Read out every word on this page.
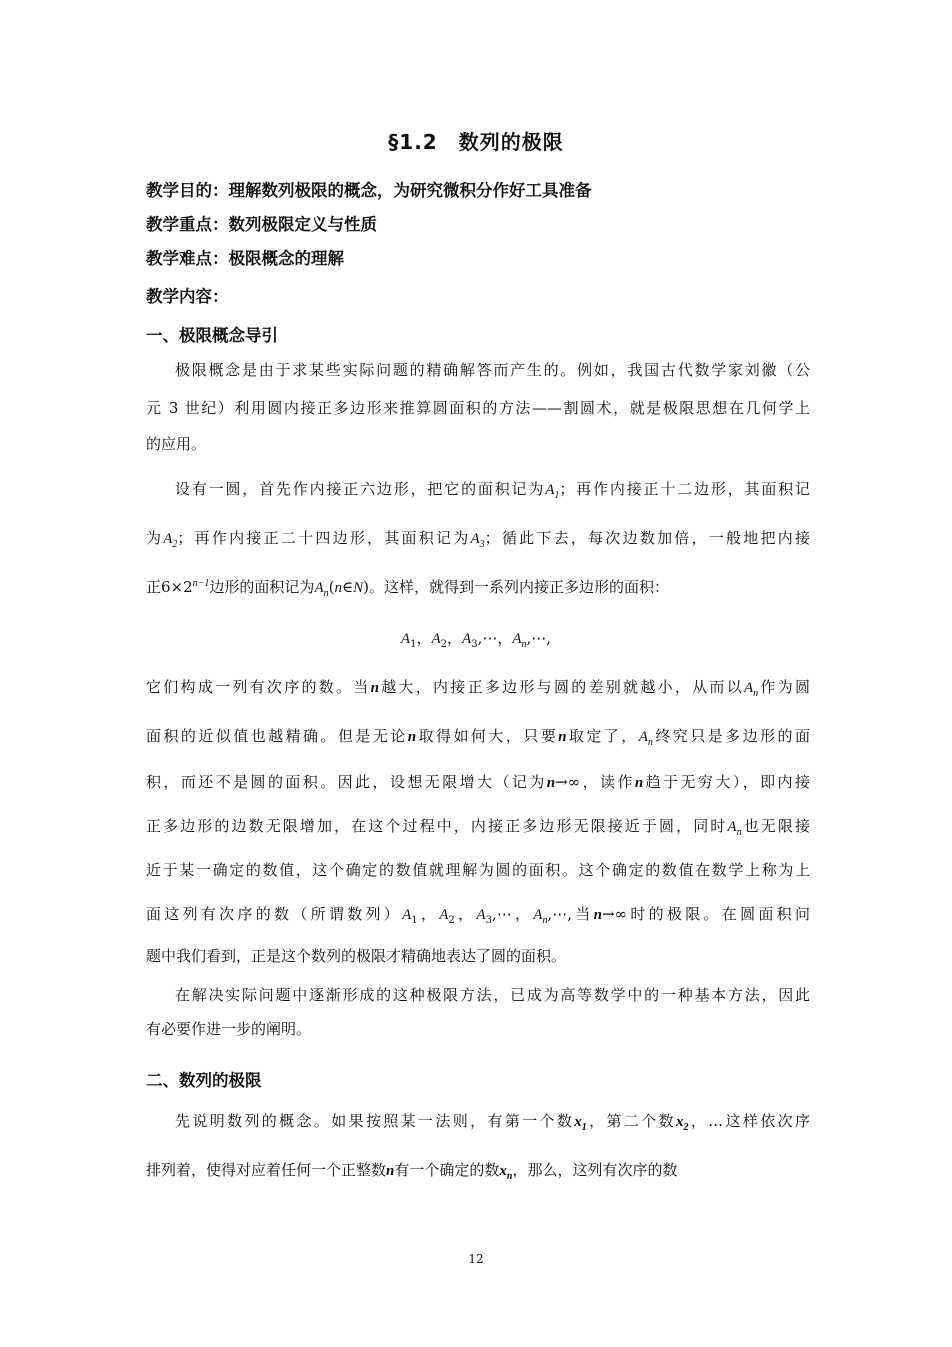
§1.2　数列的极限
教学目的：理解数列极限的概念，为研究微积分作好工具准备
教学重点：数列极限定义与性质
教学难点：极限概念的理解
教学内容：
一、极限概念导引
极限概念是由于求某些实际问题的精确解答而产生的。例如，我国古代数学家刘徽（公
元 3 世纪）利用圆内接正多边形来推算圆面积的方法——割圆术，就是极限思想在几何学上
的应用。
设有一圆，首先作内接正六边形，把它的面积记为$A_1$；再作内接正十二边形，其面积记
为$A_2$；再作内接正二十四边形，其面积记为$A_3$；循此下去，每次边数加倍，一般地把内接
正$6\times 2^{n-1}$边形的面积记为$A_n(n\in N)$。这样，就得到一系列内接正多边形的面积：
$A_1$，$A_2$，$A_3,\cdots$，$A_n,\cdots$,
它们构成一列有次序的数。当n越大，内接正多边形与圆的差别就越小，从而以$A_n$作为圆
面积的近似值也越精确。但是无论n取得如何大，只要n取定了，$A_n$终究只是多边形的面
积，而还不是圆的面积。因此，设想无限增大（记为n→∞，读作n趋于无穷大），即内接
正多边形的边数无限增加，在这个过程中，内接正多边形无限接近于圆，同时$A_n$也无限接
近于某一确定的数值，这个确定的数值就理解为圆的面积。这个确定的数值在数学上称为上
面这列有次序的数（所谓数列）$A_1$，$A_2$，$A_3,\cdots$，$A_n,\cdots$,当n→∞时的极限。在圆面积问
题中我们看到，正是这个数列的极限才精确地表达了圆的面积。
在解决实际问题中逐渐形成的这种极限方法，已成为高等数学中的一种基本方法，因此
有必要作进一步的阐明。
二、数列的极限
先说明数列的概念。如果按照某一法则，有第一个数$x_1$，第二个数$x_2$，…这样依次序
排列着，使得对应着任何一个正整数n有一个确定的数$x_n$，那么，这列有次序的数
12
